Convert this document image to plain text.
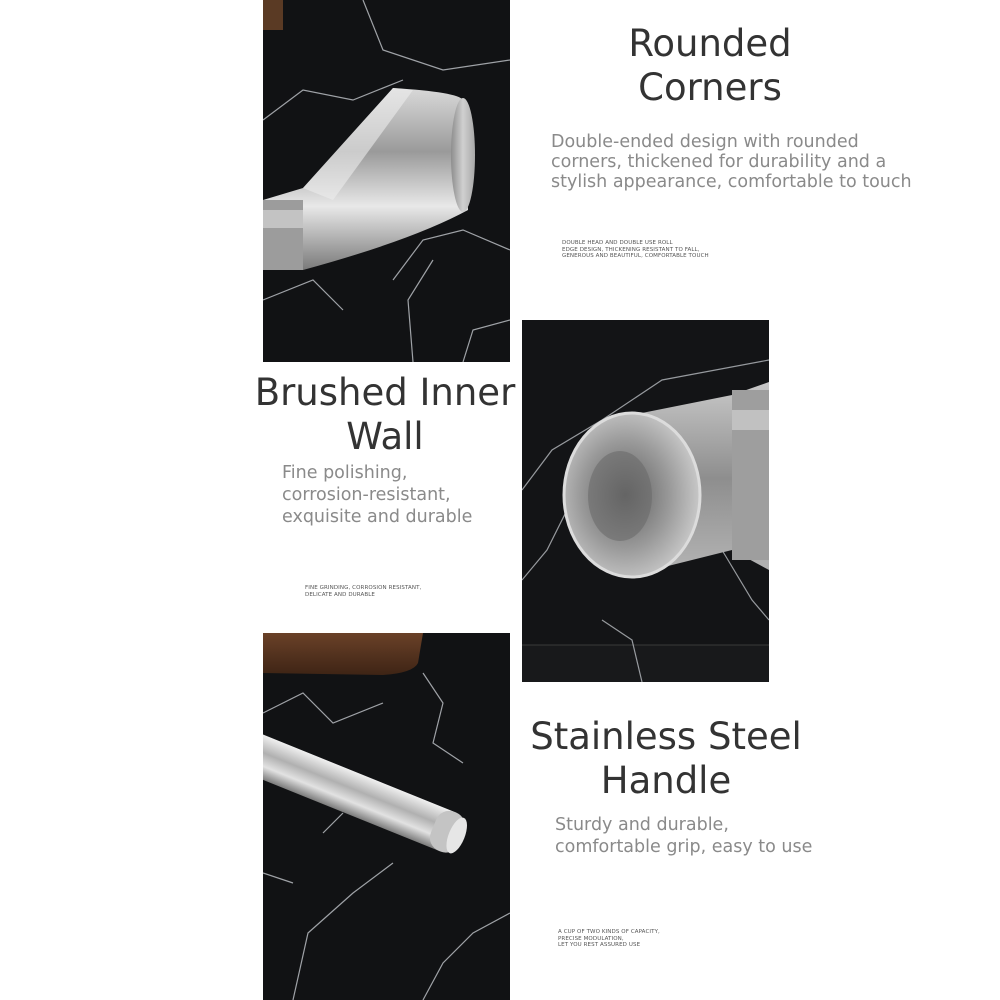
Rounded
Corners
Double-ended design with rounded
corners, thickened for durability and a
stylish appearance, comfortable to touch
DOUBLE HEAD AND DOUBLE USE ROLL
EDGE DESIGN, THICKENING RESISTANT TO FALL,
GENEROUS AND BEAUTIFUL, COMFORTABLE TOUCH
Brushed Inner
Wall
Fine polishing,
corrosion-resistant,
exquisite and durable
FINE GRINDING, CORROSION RESISTANT,
DELICATE AND DURABLE
Stainless Steel
Handle
Sturdy and durable,
comfortable grip, easy to use
A CUP OF TWO KINDS OF CAPACITY,
PRECISE MODULATION,
LET YOU REST ASSURED USE
